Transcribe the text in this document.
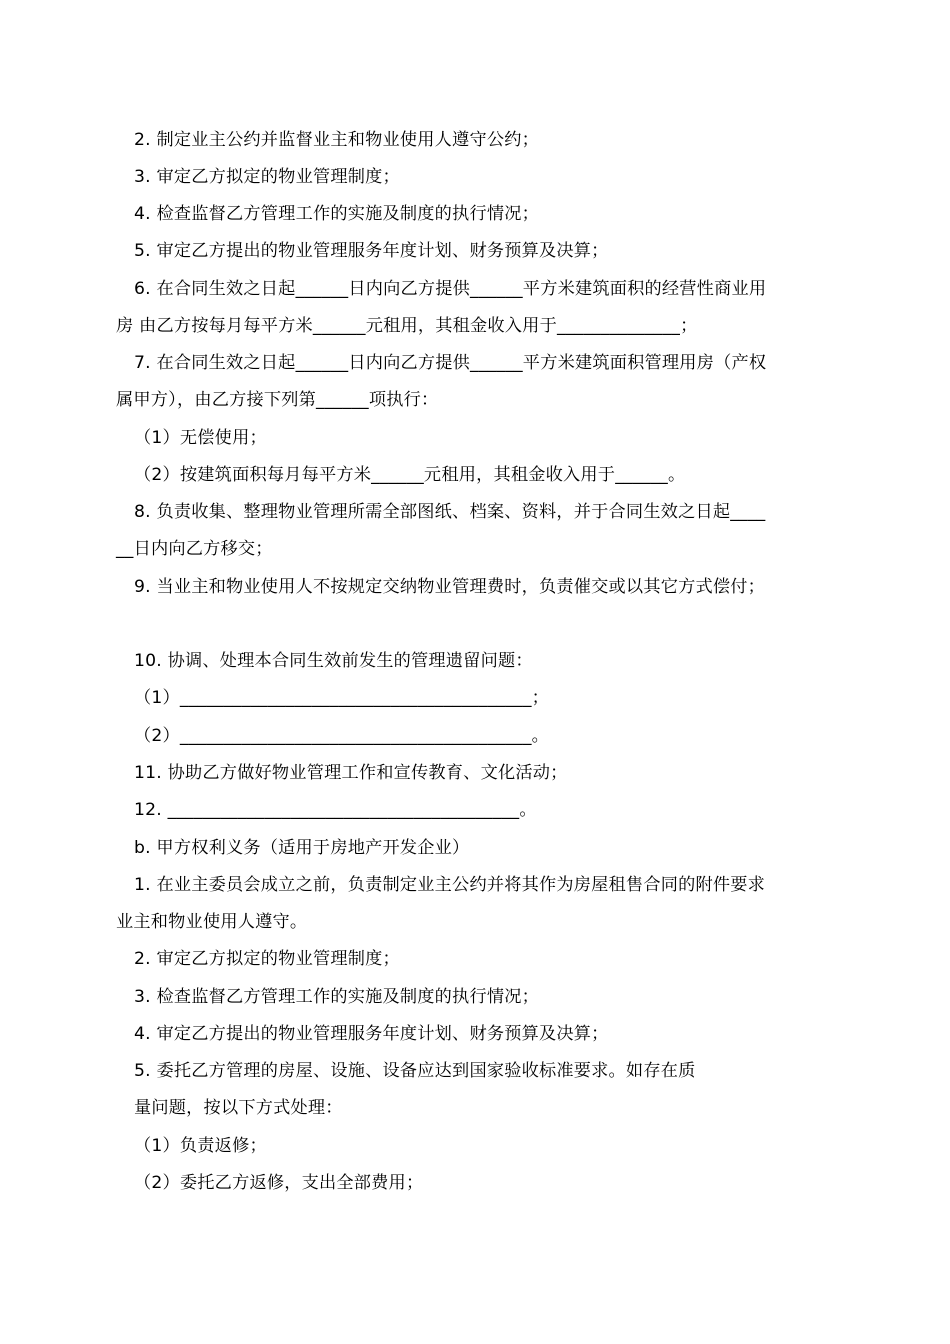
2. 制定业主公约并监督业主和物业使用人遵守公约；
3. 审定乙方拟定的物业管理制度；
4. 检查监督乙方管理工作的实施及制度的执行情况；
5. 审定乙方提出的物业管理服务年度计划、财务预算及决算；
6. 在合同生效之日起______日内向乙方提供______平方米建筑面积的经营性商业用
房 由乙方按每月每平方米______元租用，其租金收入用于______________；
7. 在合同生效之日起______日内向乙方提供______平方米建筑面积管理用房（产权
属甲方），由乙方接下列第______项执行：
（1）无偿使用；
（2）按建筑面积每月每平方米______元租用，其租金收入用于______。
8. 负责收集、整理物业管理所需全部图纸、档案、资料，并于合同生效之日起____
__日内向乙方移交；
9. 当业主和物业使用人不按规定交纳物业管理费时，负责催交或以其它方式偿付；
10. 协调、处理本合同生效前发生的管理遗留问题：
（1）________________________________________；
（2）________________________________________。
11. 协助乙方做好物业管理工作和宣传教育、文化活动；
12. ________________________________________。
b. 甲方权利义务（适用于房地产开发企业）
1. 在业主委员会成立之前，负责制定业主公约并将其作为房屋租售合同的附件要求
业主和物业使用人遵守。
2. 审定乙方拟定的物业管理制度；
3. 检查监督乙方管理工作的实施及制度的执行情况；
4. 审定乙方提出的物业管理服务年度计划、财务预算及决算；
5. 委托乙方管理的房屋、设施、设备应达到国家验收标准要求。如存在质
量问题，按以下方式处理：
（1）负责返修；
（2）委托乙方返修，支出全部费用；
